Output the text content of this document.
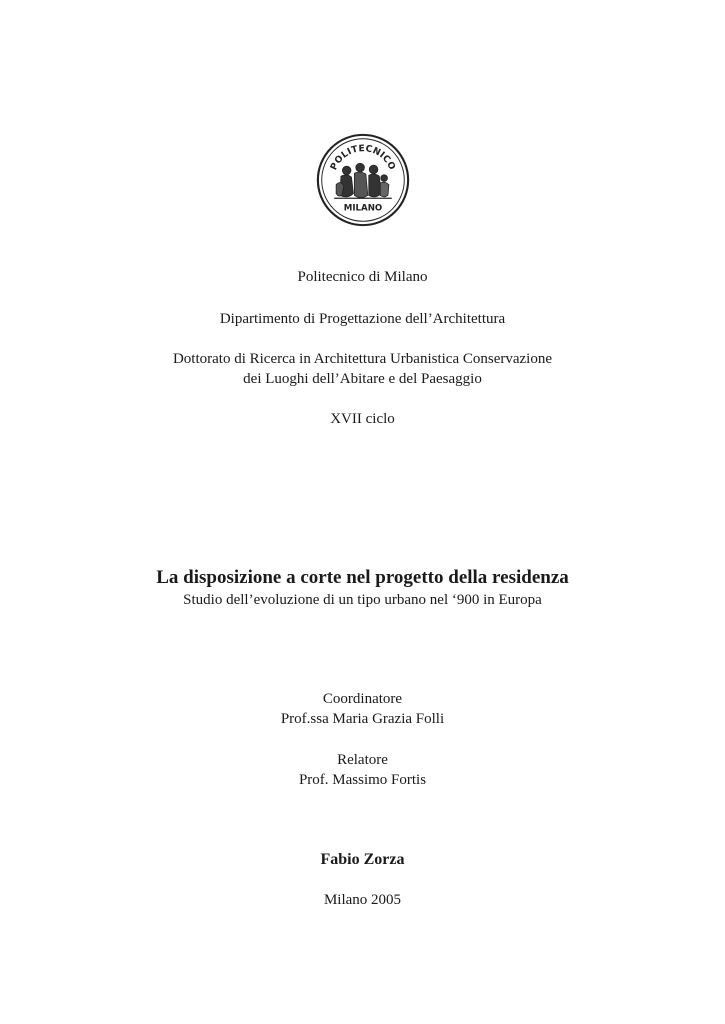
POLITECNICO
MILANO
Politecnico di Milano
Dipartimento di Progettazione dell’Architettura
Dottorato di Ricerca in Architettura Urbanistica Conservazione
dei Luoghi dell’Abitare e del Paesaggio
XVII ciclo
La disposizione a corte nel progetto della residenza
Studio dell’evoluzione di un tipo urbano nel ‘900 in Europa
Coordinatore
Prof.ssa Maria Grazia Folli
Relatore
Prof. Massimo Fortis
Fabio Zorza
Milano 2005
